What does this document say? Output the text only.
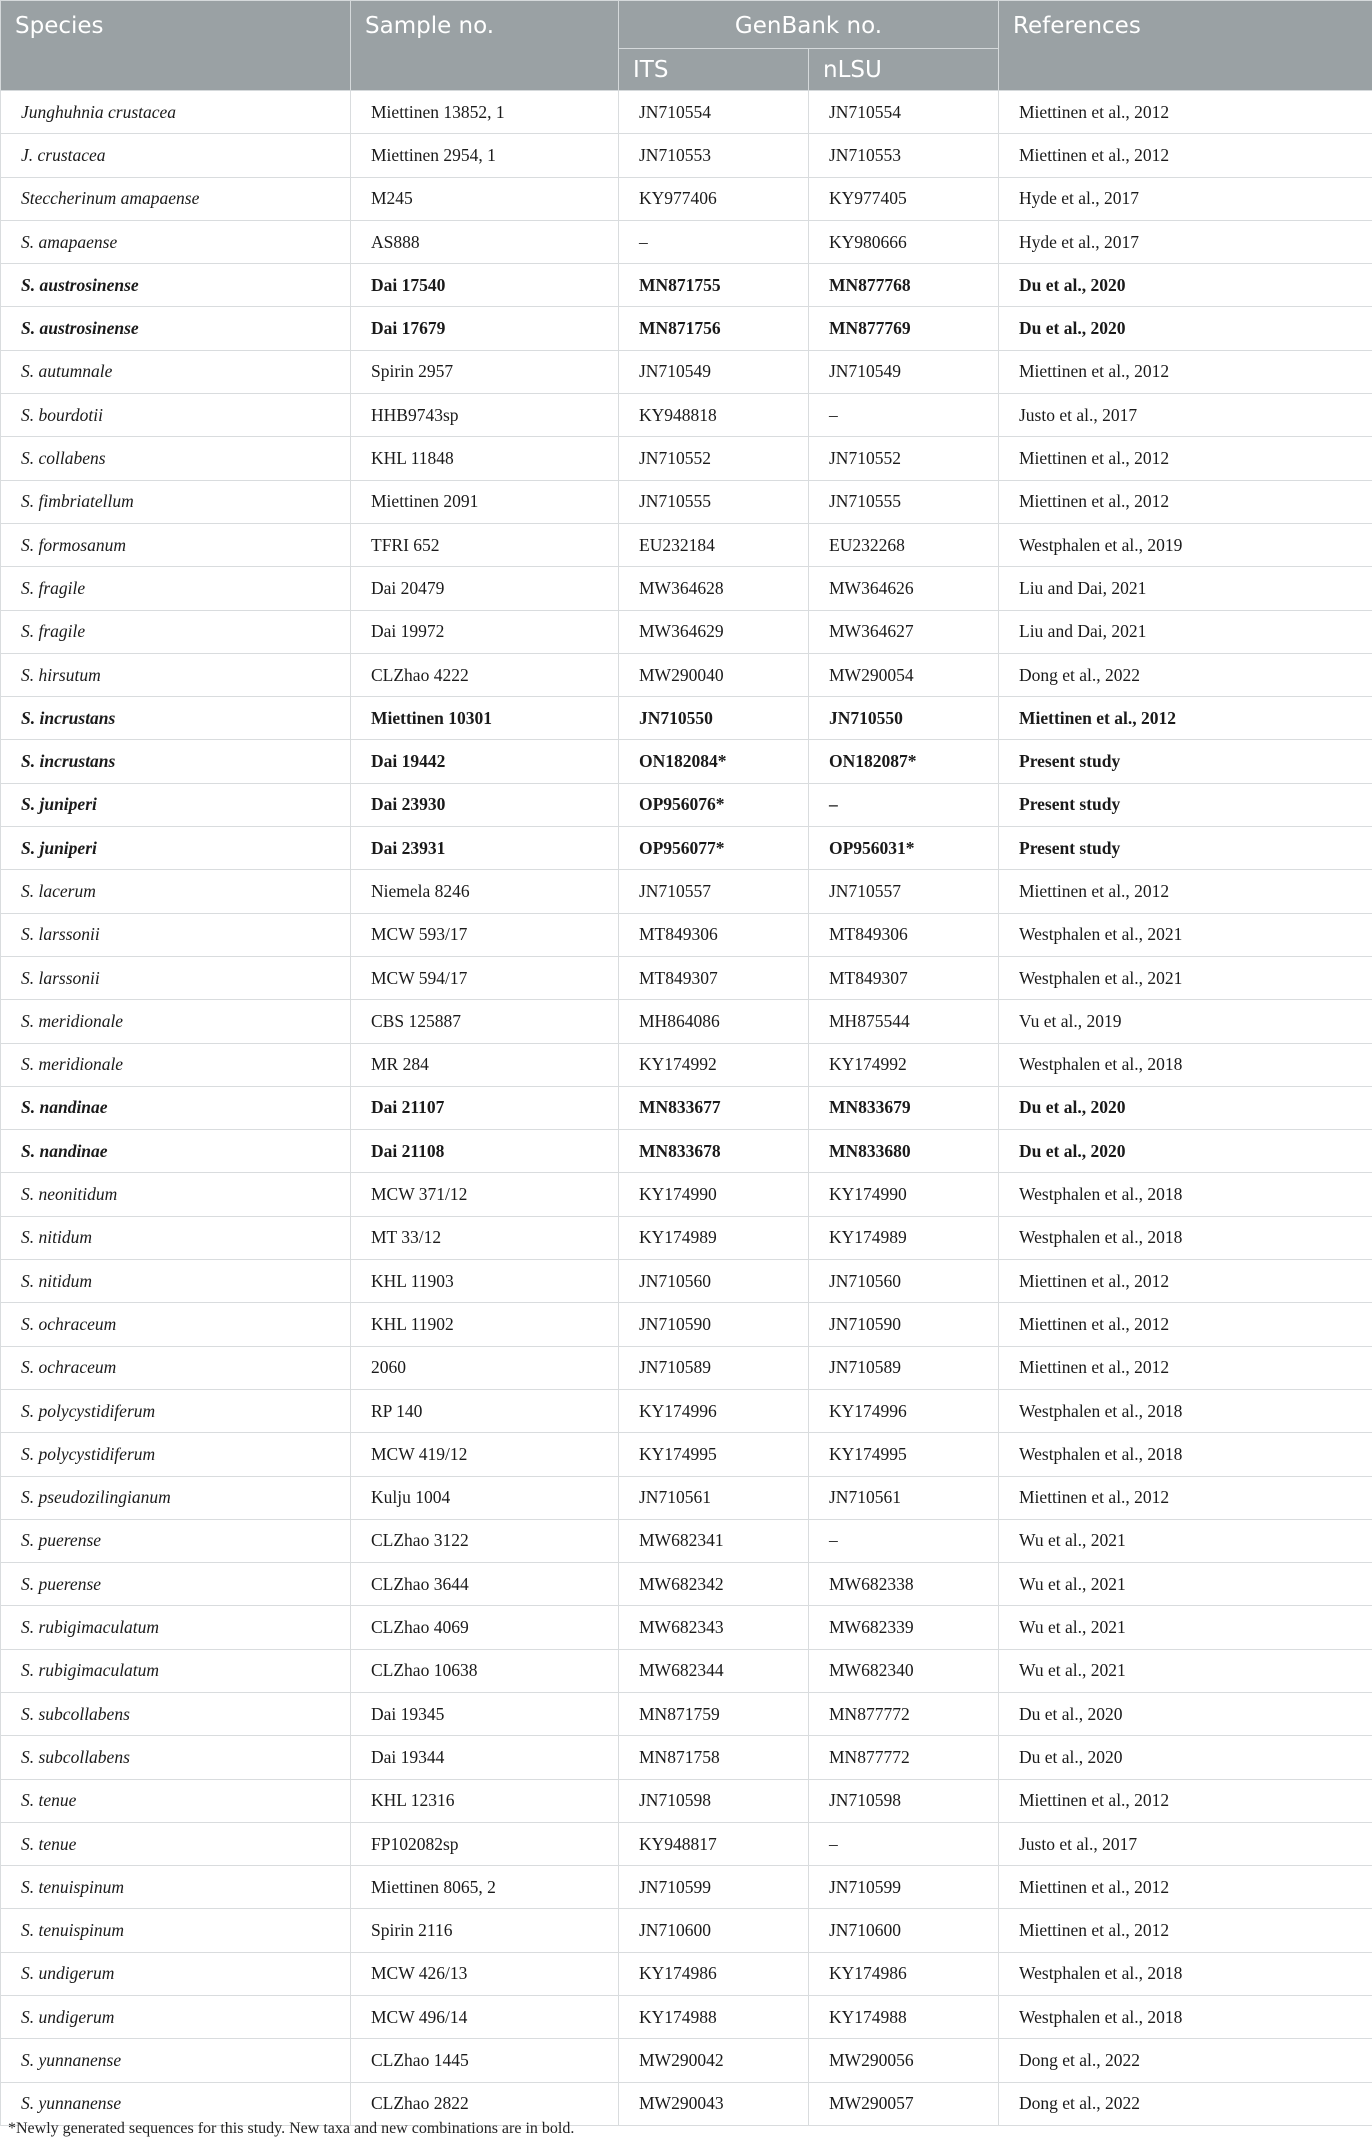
Species	Sample no.	GenBank no.		References
		ITS	nLSU	
Junghuhnia crustacea	Miettinen 13852, 1	JN710554	JN710554	Miettinen et al., 2012
J. crustacea	Miettinen 2954, 1	JN710553	JN710553	Miettinen et al., 2012
Steccherinum amapaense	M245	KY977406	KY977405	Hyde et al., 2017
S. amapaense	AS888	–	KY980666	Hyde et al., 2017
S. austrosinense	Dai 17540	MN871755	MN877768	Du et al., 2020
S. austrosinense	Dai 17679	MN871756	MN877769	Du et al., 2020
S. autumnale	Spirin 2957	JN710549	JN710549	Miettinen et al., 2012
S. bourdotii	HHB9743sp	KY948818	–	Justo et al., 2017
S. collabens	KHL 11848	JN710552	JN710552	Miettinen et al., 2012
S. fimbriatellum	Miettinen 2091	JN710555	JN710555	Miettinen et al., 2012
S. formosanum	TFRI 652	EU232184	EU232268	Westphalen et al., 2019
S. fragile	Dai 20479	MW364628	MW364626	Liu and Dai, 2021
S. fragile	Dai 19972	MW364629	MW364627	Liu and Dai, 2021
S. hirsutum	CLZhao 4222	MW290040	MW290054	Dong et al., 2022
S. incrustans	Miettinen 10301	JN710550	JN710550	Miettinen et al., 2012
S. incrustans	Dai 19442	ON182084*	ON182087*	Present study
S. juniperi	Dai 23930	OP956076*	–	Present study
S. juniperi	Dai 23931	OP956077*	OP956031*	Present study
S. lacerum	Niemela 8246	JN710557	JN710557	Miettinen et al., 2012
S. larssonii	MCW 593/17	MT849306	MT849306	Westphalen et al., 2021
S. larssonii	MCW 594/17	MT849307	MT849307	Westphalen et al., 2021
S. meridionale	CBS 125887	MH864086	MH875544	Vu et al., 2019
S. meridionale	MR 284	KY174992	KY174992	Westphalen et al., 2018
S. nandinae	Dai 21107	MN833677	MN833679	Du et al., 2020
S. nandinae	Dai 21108	MN833678	MN833680	Du et al., 2020
S. neonitidum	MCW 371/12	KY174990	KY174990	Westphalen et al., 2018
S. nitidum	MT 33/12	KY174989	KY174989	Westphalen et al., 2018
S. nitidum	KHL 11903	JN710560	JN710560	Miettinen et al., 2012
S. ochraceum	KHL 11902	JN710590	JN710590	Miettinen et al., 2012
S. ochraceum	2060	JN710589	JN710589	Miettinen et al., 2012
S. polycystidiferum	RP 140	KY174996	KY174996	Westphalen et al., 2018
S. polycystidiferum	MCW 419/12	KY174995	KY174995	Westphalen et al., 2018
S. pseudozilingianum	Kulju 1004	JN710561	JN710561	Miettinen et al., 2012
S. puerense	CLZhao 3122	MW682341	–	Wu et al., 2021
S. puerense	CLZhao 3644	MW682342	MW682338	Wu et al., 2021
S. rubigimaculatum	CLZhao 4069	MW682343	MW682339	Wu et al., 2021
S. rubigimaculatum	CLZhao 10638	MW682344	MW682340	Wu et al., 2021
S. subcollabens	Dai 19345	MN871759	MN877772	Du et al., 2020
S. subcollabens	Dai 19344	MN871758	MN877772	Du et al., 2020
S. tenue	KHL 12316	JN710598	JN710598	Miettinen et al., 2012
S. tenue	FP102082sp	KY948817	–	Justo et al., 2017
S. tenuispinum	Miettinen 8065, 2	JN710599	JN710599	Miettinen et al., 2012
S. tenuispinum	Spirin 2116	JN710600	JN710600	Miettinen et al., 2012
S. undigerum	MCW 426/13	KY174986	KY174986	Westphalen et al., 2018
S. undigerum	MCW 496/14	KY174988	KY174988	Westphalen et al., 2018
S. yunnanense	CLZhao 1445	MW290042	MW290056	Dong et al., 2022
S. yunnanense	CLZhao 2822	MW290043	MW290057	Dong et al., 2022
*Newly generated sequences for this study. New taxa and new combinations are in bold.
